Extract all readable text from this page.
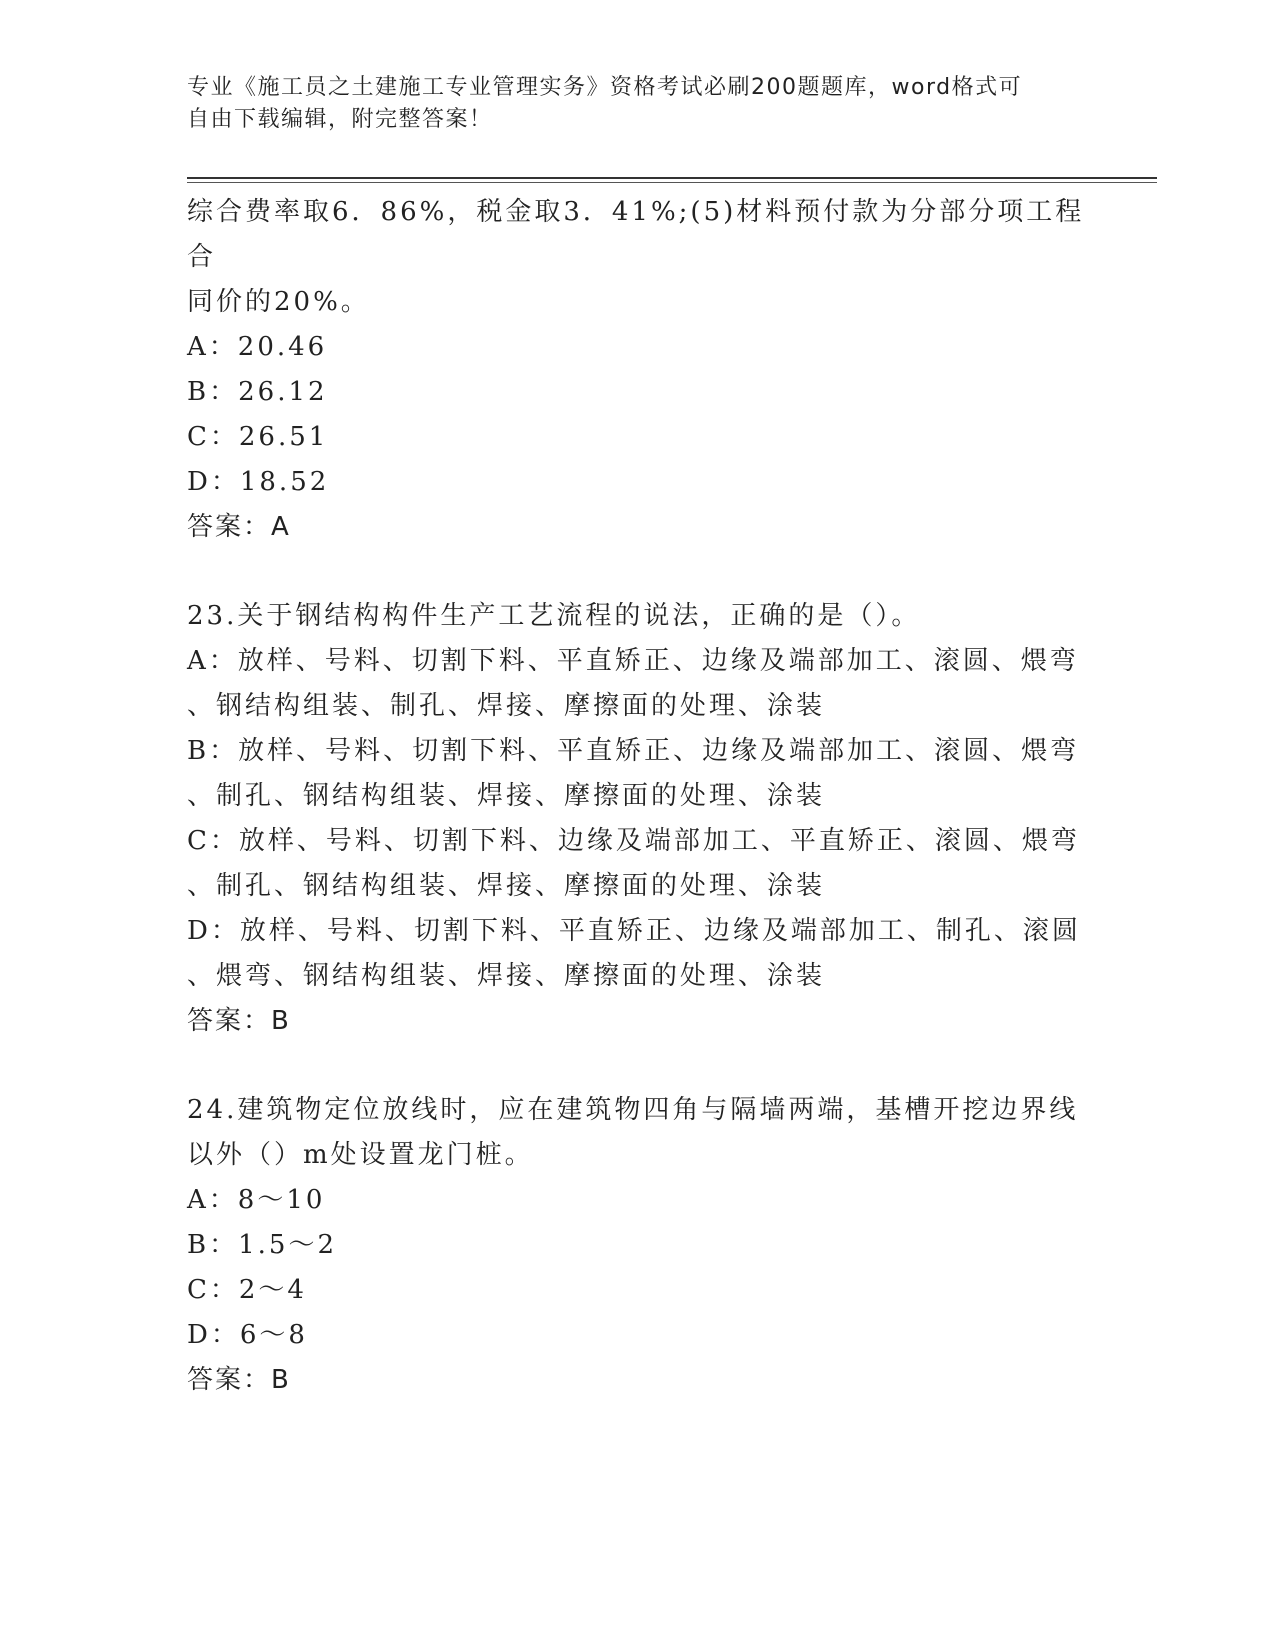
专业《施工员之土建施工专业管理实务》资格考试必刷200题题库，word格式可
自由下载编辑，附完整答案！

综合费率取6．86%，税金取3．41%;(5)材料预付款为分部分项工程合

同价的20%。

A：20.46

B：26.12

C：26.51

D：18.52

答案：A

23.关于钢结构构件生产工艺流程的说法，正确的是（）。

A：放样、号料、切割下料、平直矫正、边缘及端部加工、滚圆、煨弯

、钢结构组装、制孔、焊接、摩擦面的处理、涂装

B：放样、号料、切割下料、平直矫正、边缘及端部加工、滚圆、煨弯

、制孔、钢结构组装、焊接、摩擦面的处理、涂装

C：放样、号料、切割下料、边缘及端部加工、平直矫正、滚圆、煨弯

、制孔、钢结构组装、焊接、摩擦面的处理、涂装

D：放样、号料、切割下料、平直矫正、边缘及端部加工、制孔、滚圆

、煨弯、钢结构组装、焊接、摩擦面的处理、涂装

答案：B

24.建筑物定位放线时，应在建筑物四角与隔墙两端，基槽开挖边界线

以外（）m处设置龙门桩。

A：8～10

B：1.5～2

C：2～4

D：6～8

答案：B
